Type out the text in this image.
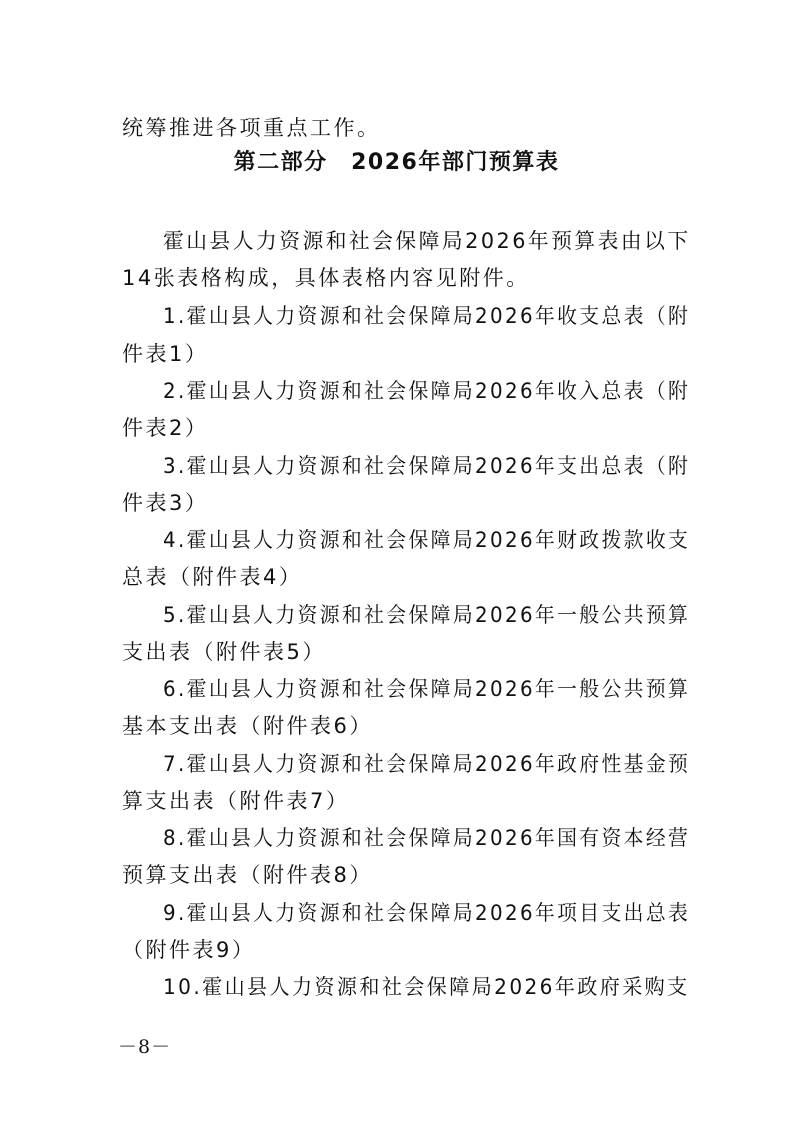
统筹推进各项重点工作。
第二部分　2026年部门预算表
霍山县人力资源和社会保障局2026年预算表由以下
14张表格构成，具体表格内容见附件。
1.霍山县人力资源和社会保障局2026年收支总表（附
件表1）
2.霍山县人力资源和社会保障局2026年收入总表（附
件表2）
3.霍山县人力资源和社会保障局2026年支出总表（附
件表3）
4.霍山县人力资源和社会保障局2026年财政拨款收支
总表（附件表4）
5.霍山县人力资源和社会保障局2026年一般公共预算
支出表（附件表5）
6.霍山县人力资源和社会保障局2026年一般公共预算
基本支出表（附件表6）
7.霍山县人力资源和社会保障局2026年政府性基金预
算支出表（附件表7）
8.霍山县人力资源和社会保障局2026年国有资本经营
预算支出表（附件表8）
9.霍山县人力资源和社会保障局2026年项目支出总表
（附件表9）
10.霍山县人力资源和社会保障局2026年政府采购支
－8－
